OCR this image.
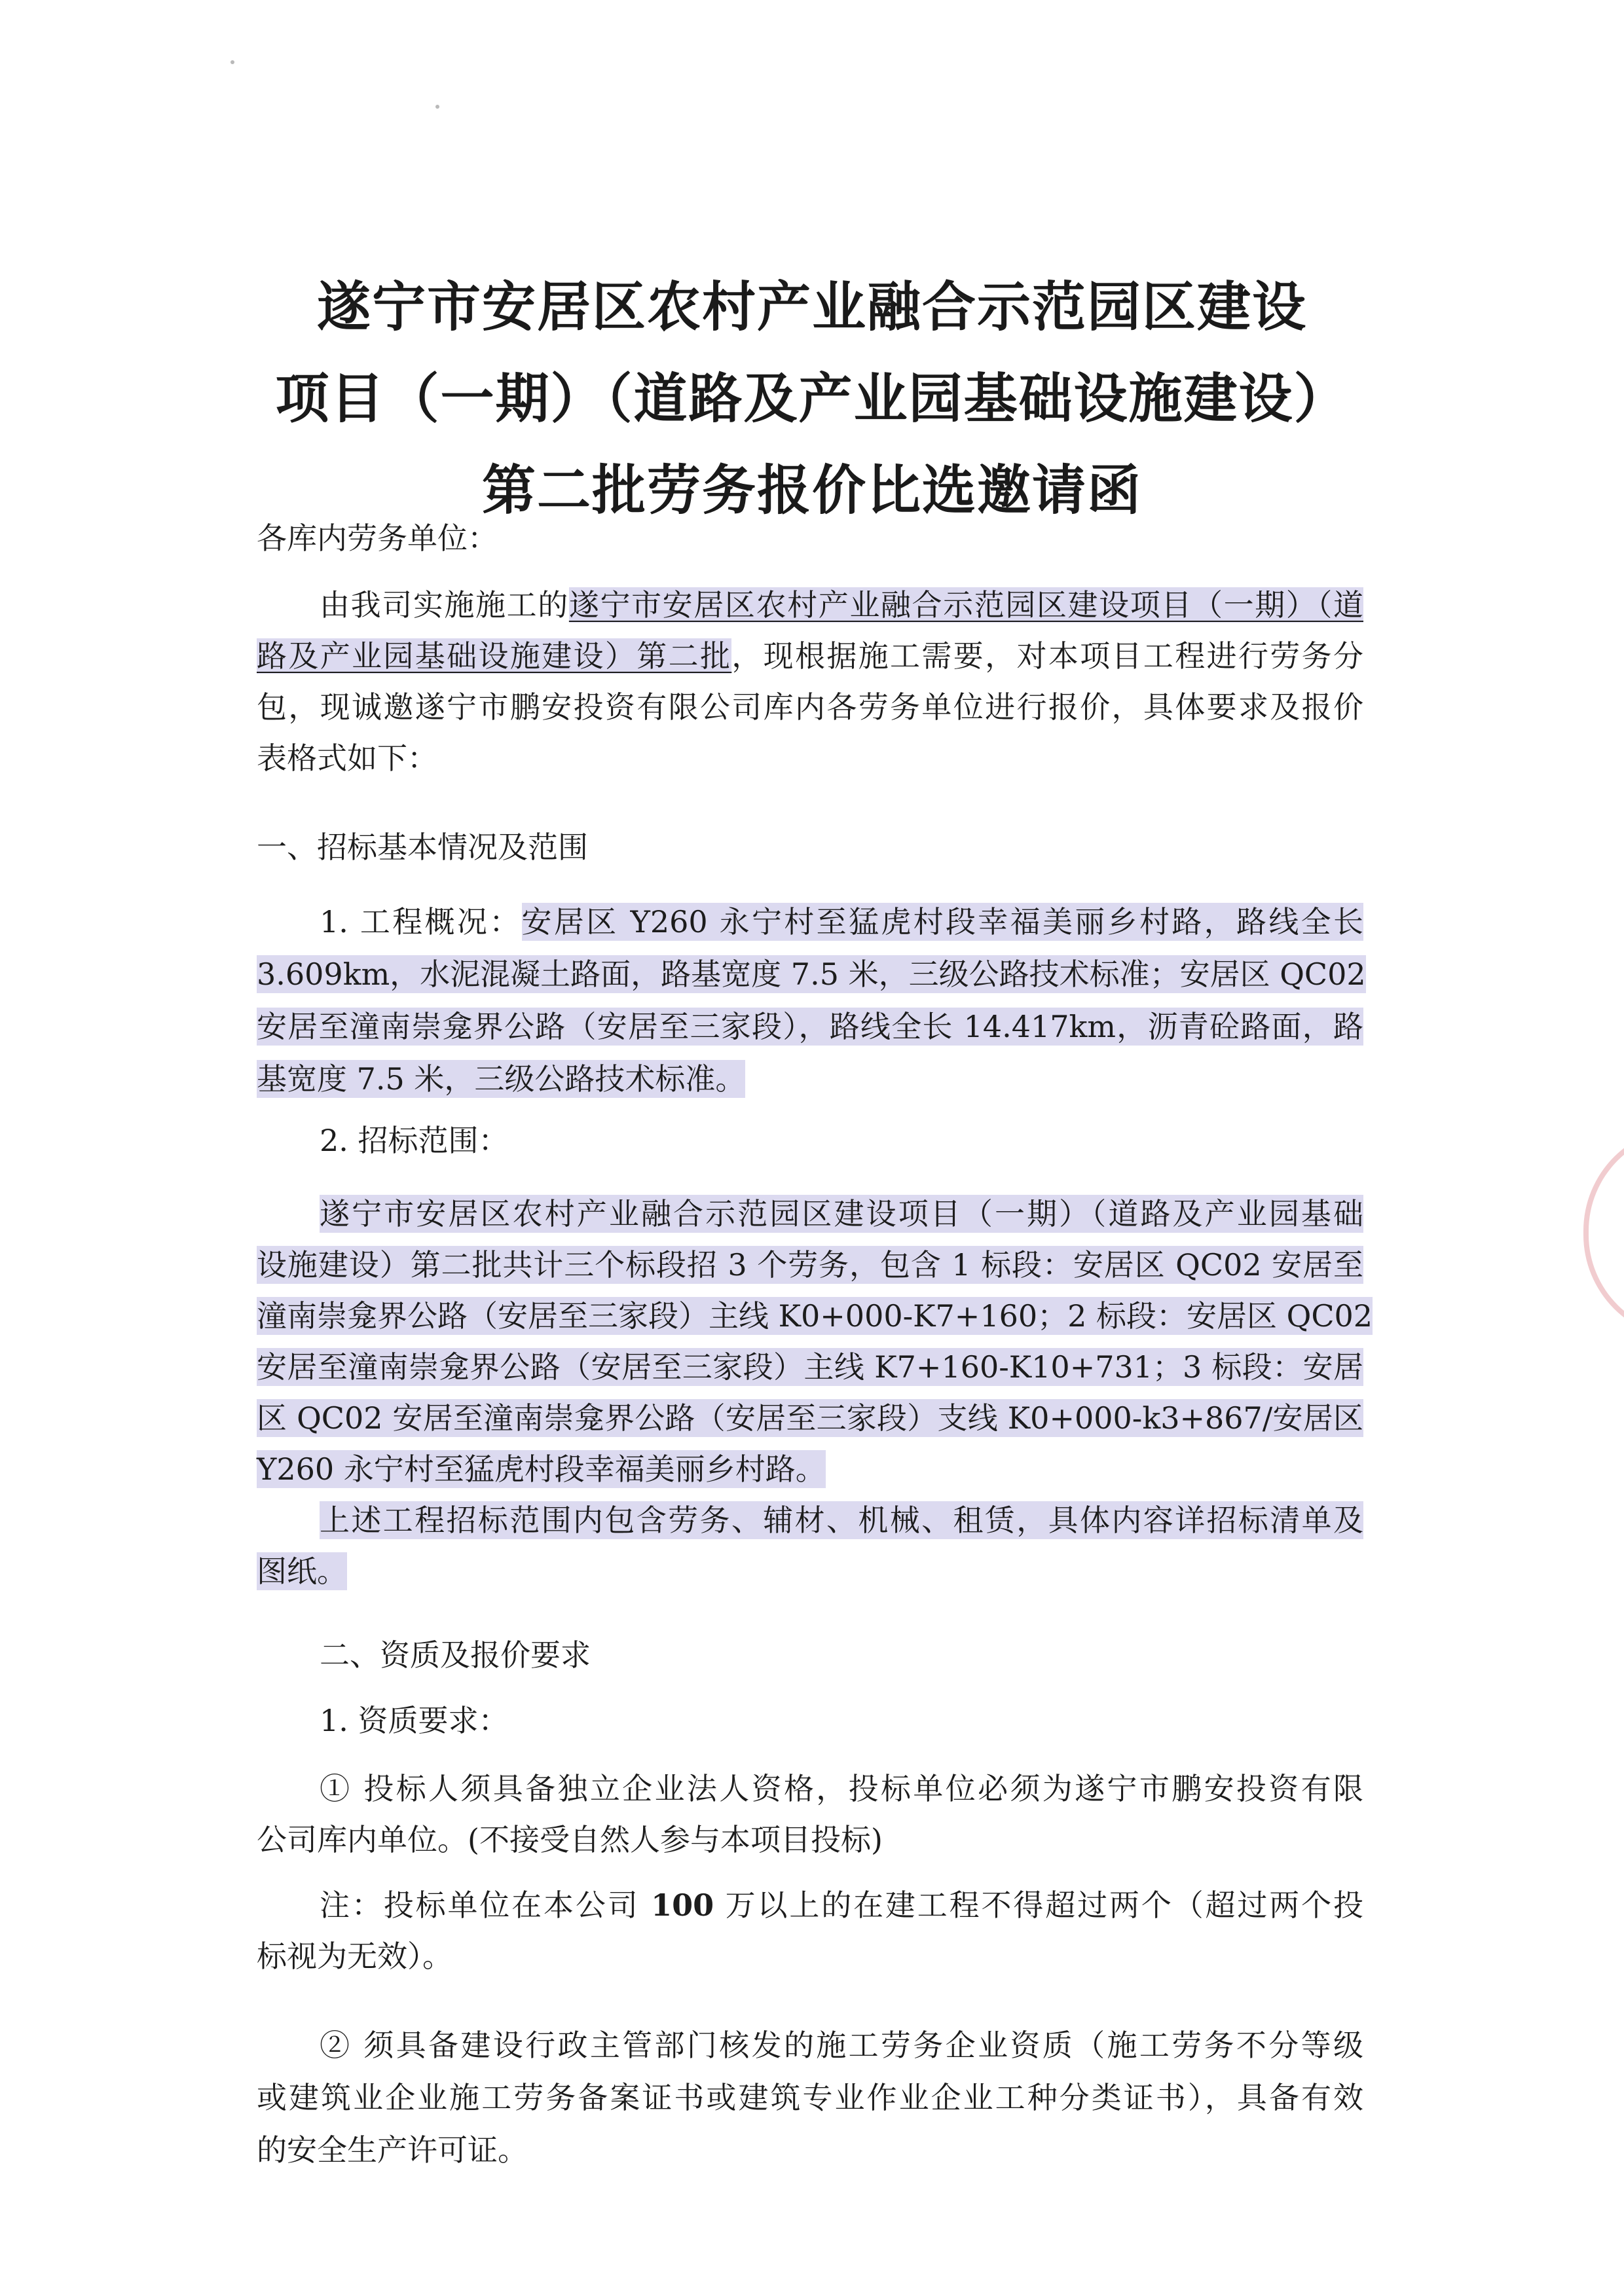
遂宁市安居区农村产业融合示范园区建设
项目（一期）（道路及产业园基础设施建设）
第二批劳务报价比选邀请函
各库内劳务单位：
由我司实施施工的遂宁市安居区农村产业融合示范园区建设项目（一期）（道
路及产业园基础设施建设）第二批，现根据施工需要，对本项目工程进行劳务分
包，现诚邀遂宁市鹏安投资有限公司库内各劳务单位进行报价，具体要求及报价
表格式如下：
一、招标基本情况及范围
1. 工程概况：安居区 Y260 永宁村至猛虎村段幸福美丽乡村路，路线全长
3.609km，水泥混凝土路面，路基宽度 7.5 米，三级公路技术标准；安居区 QC02
安居至潼南崇龛界公路（安居至三家段），路线全长 14.417km，沥青砼路面，路
基宽度 7.5 米，三级公路技术标准。
2. 招标范围：
遂宁市安居区农村产业融合示范园区建设项目（一期）（道路及产业园基础
设施建设）第二批共计三个标段招 3 个劳务，包含 1 标段：安居区 QC02 安居至
潼南崇龛界公路（安居至三家段）主线 K0+000-K7+160；2 标段：安居区 QC02
安居至潼南崇龛界公路（安居至三家段）主线 K7+160-K10+731；3 标段：安居
区 QC02 安居至潼南崇龛界公路（安居至三家段）支线 K0+000-k3+867/安居区
Y260 永宁村至猛虎村段幸福美丽乡村路。
上述工程招标范围内包含劳务、辅材、机械、租赁，具体内容详招标清单及
图纸。
二、资质及报价要求
1. 资质要求：
① 投标人须具备独立企业法人资格，投标单位必须为遂宁市鹏安投资有限
公司库内单位。(不接受自然人参与本项目投标)
注：投标单位在本公司 100 万以上的在建工程不得超过两个（超过两个投
标视为无效）。
② 须具备建设行政主管部门核发的施工劳务企业资质（施工劳务不分等级
或建筑业企业施工劳务备案证书或建筑专业作业企业工种分类证书），具备有效
的安全生产许可证。
